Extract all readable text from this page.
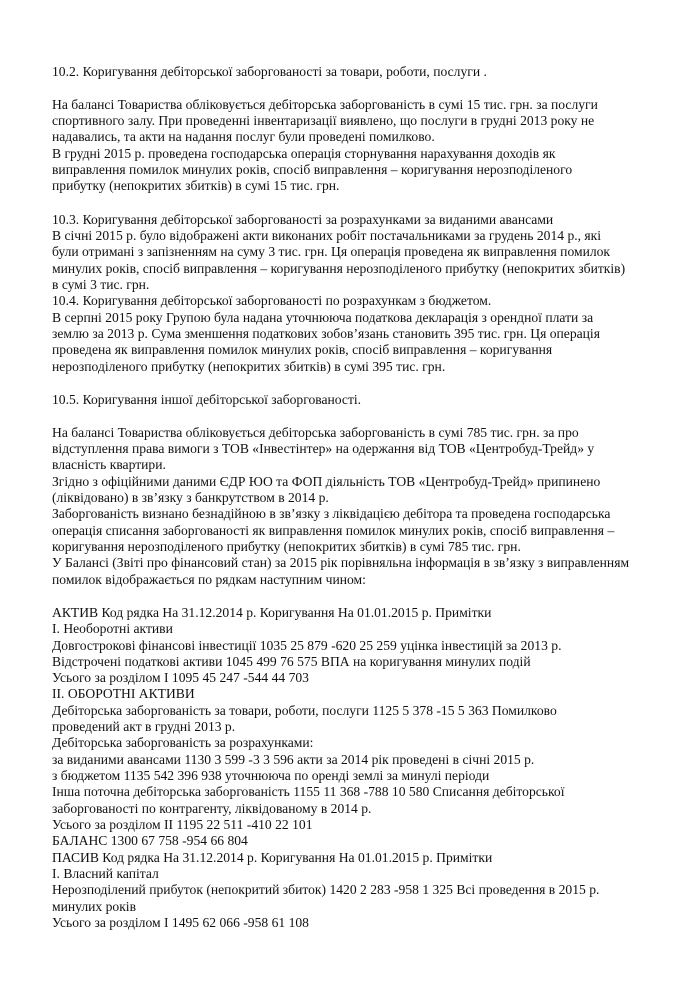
10.2. Коригування дебіторської заборгованості за товари, роботи, послуги .
На балансі Товариства обліковується дебіторська заборгованість в сумі 15 тис. грн. за послуги
спортивного залу. При проведенні інвентаризації виявлено, що послуги в грудні 2013 року не
надавались, та акти на надання послуг були проведені помилково.
В грудні 2015 р. проведена господарська операція сторнування нарахування доходів як
виправлення помилок минулих років, спосіб виправлення – коригування нерозподіленого
прибутку (непокритих збитків) в сумі 15 тис. грн.
10.3. Коригування дебіторської заборгованості за розрахунками за виданими авансами
В січні 2015 р. було відображені акти виконаних робіт постачальниками за грудень 2014 р., які
були отримані з запізненням на суму 3 тис. грн. Ця операція проведена як виправлення помилок
минулих років, спосіб виправлення – коригування нерозподіленого прибутку (непокритих збитків)
в сумі 3 тис. грн.
10.4. Коригування дебіторської заборгованості по розрахункам з бюджетом.
В серпні 2015 року Групою була надана уточнююча податкова декларація з орендної плати за
землю за 2013 р. Сума зменшення податкових зобов’язань становить 395 тис. грн. Ця операція
проведена як виправлення помилок минулих років, спосіб виправлення – коригування
нерозподіленого прибутку (непокритих збитків) в сумі 395 тис. грн.
10.5. Коригування іншої дебіторської заборгованості.
На балансі Товариства обліковується дебіторська заборгованість в сумі 785 тис. грн. за про
відступлення права вимоги з ТОВ «Інвестінтер» на одержання від ТОВ «Центробуд-Трейд» у
власність квартири.
Згідно з офіційними даними ЄДР ЮО та ФОП діяльність ТОВ «Центробуд-Трейд» припинено
(ліквідовано) в зв’язку з банкрутством в 2014 р.
Заборгованість визнано безнадійною в зв’язку з ліквідацією дебітора та проведена господарська
операція списання заборгованості як виправлення помилок минулих років, спосіб виправлення –
коригування нерозподіленого прибутку (непокритих збитків) в сумі 785 тис. грн.
У Балансі (Звіті про фінансовий стан) за 2015 рік порівняльна інформація в зв’язку з виправленням
помилок відображається по рядкам наступним чином:
АКТИВ Код рядка На 31.12.2014 р. Коригування На 01.01.2015 р. Примітки
I. Необоротні активи
Довгострокові фінансові інвестиції 1035 25 879 -620 25 259 уцінка інвестицій за 2013 р.
Відстрочені податкові активи 1045 499 76 575 ВПА на коригування минулих подій
Усього за розділом I 1095 45 247 -544 44 703
II. ОБОРОТНІ АКТИВИ
Дебіторська заборгованість за товари, роботи, послуги 1125 5 378 -15 5 363 Помилково
проведений акт в грудні 2013 р.
Дебіторська заборгованість за розрахунками:
за виданими авансами 1130 3 599 -3 3 596 акти за 2014 рік проведені в січні 2015 р.
з бюджетом 1135 542 396 938 уточнююча по оренді землі за минулі періоди
Інша поточна дебіторська заборгованість 1155 11 368 -788 10 580 Списання дебіторської
заборгованості по контрагенту, ліквідованому в 2014 р.
Усього за розділом II 1195 22 511 -410 22 101
БАЛАНС 1300 67 758 -954 66 804
ПАСИВ Код рядка На 31.12.2014 р. Коригування На 01.01.2015 р. Примітки
I. Власний капітал
Нерозподілений прибуток (непокритий збиток) 1420 2 283 -958 1 325 Всі проведення в 2015 р.
минулих років
Усього за розділом I 1495 62 066 -958 61 108
